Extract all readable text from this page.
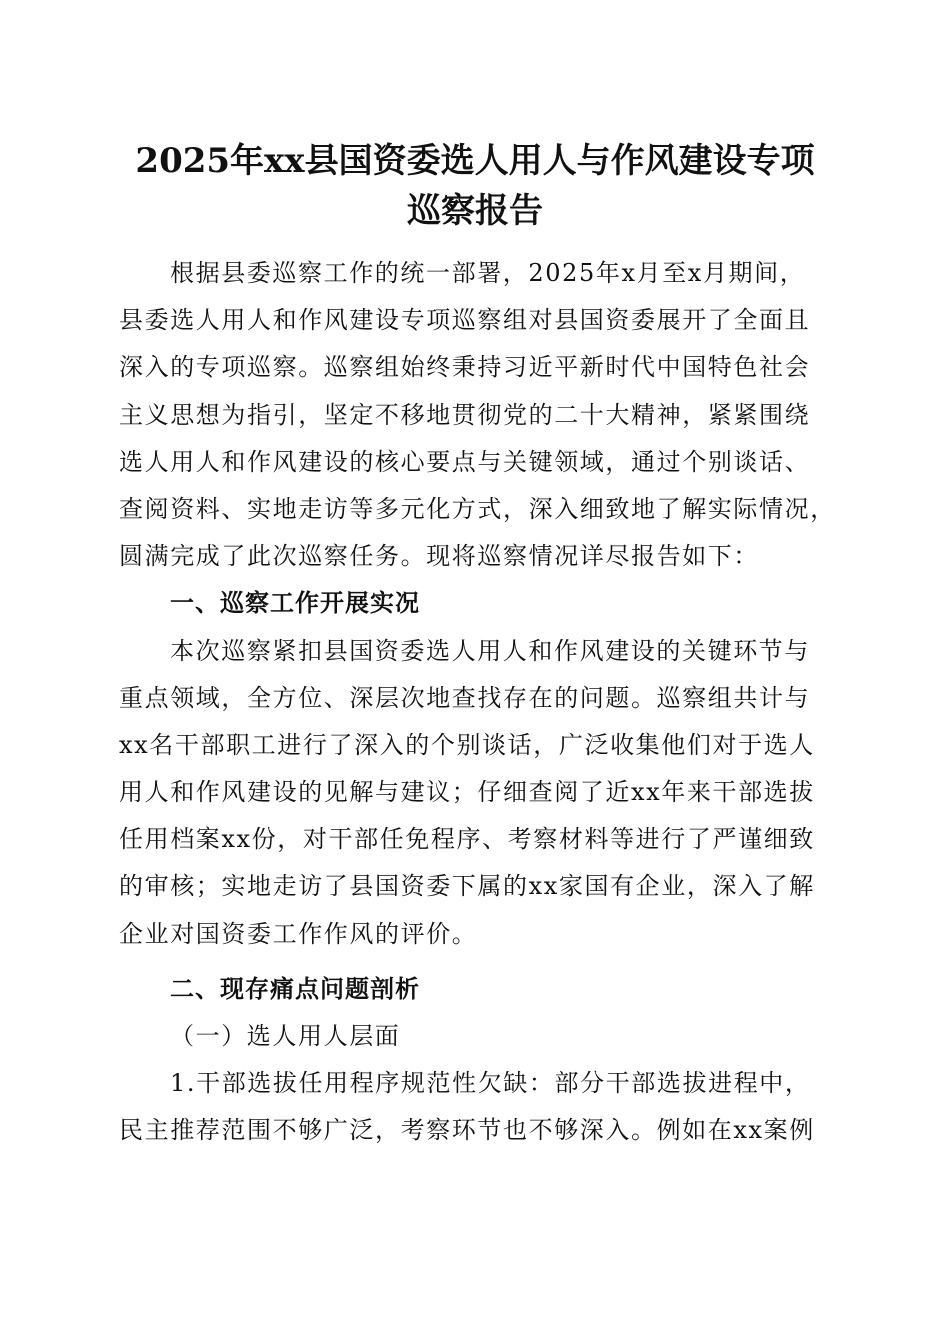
2025年xx县国资委选人用人与作风建设专项
巡察报告
根据县委巡察工作的统一部署，2025年x月至x月期间，
县委选人用人和作风建设专项巡察组对县国资委展开了全面且
深入的专项巡察。巡察组始终秉持习近平新时代中国特色社会
主义思想为指引，坚定不移地贯彻党的二十大精神，紧紧围绕
选人用人和作风建设的核心要点与关键领域，通过个别谈话、
查阅资料、实地走访等多元化方式，深入细致地了解实际情况，
圆满完成了此次巡察任务。现将巡察情况详尽报告如下：
一、巡察工作开展实况
本次巡察紧扣县国资委选人用人和作风建设的关键环节与
重点领域，全方位、深层次地查找存在的问题。巡察组共计与
xx名干部职工进行了深入的个别谈话，广泛收集他们对于选人
用人和作风建设的见解与建议；仔细查阅了近xx年来干部选拔
任用档案xx份，对干部任免程序、考察材料等进行了严谨细致
的审核；实地走访了县国资委下属的xx家国有企业，深入了解
企业对国资委工作作风的评价。
二、现存痛点问题剖析
（一）选人用人层面
1.干部选拔任用程序规范性欠缺：部分干部选拔进程中，
民主推荐范围不够广泛，考察环节也不够深入。例如在xx案例
